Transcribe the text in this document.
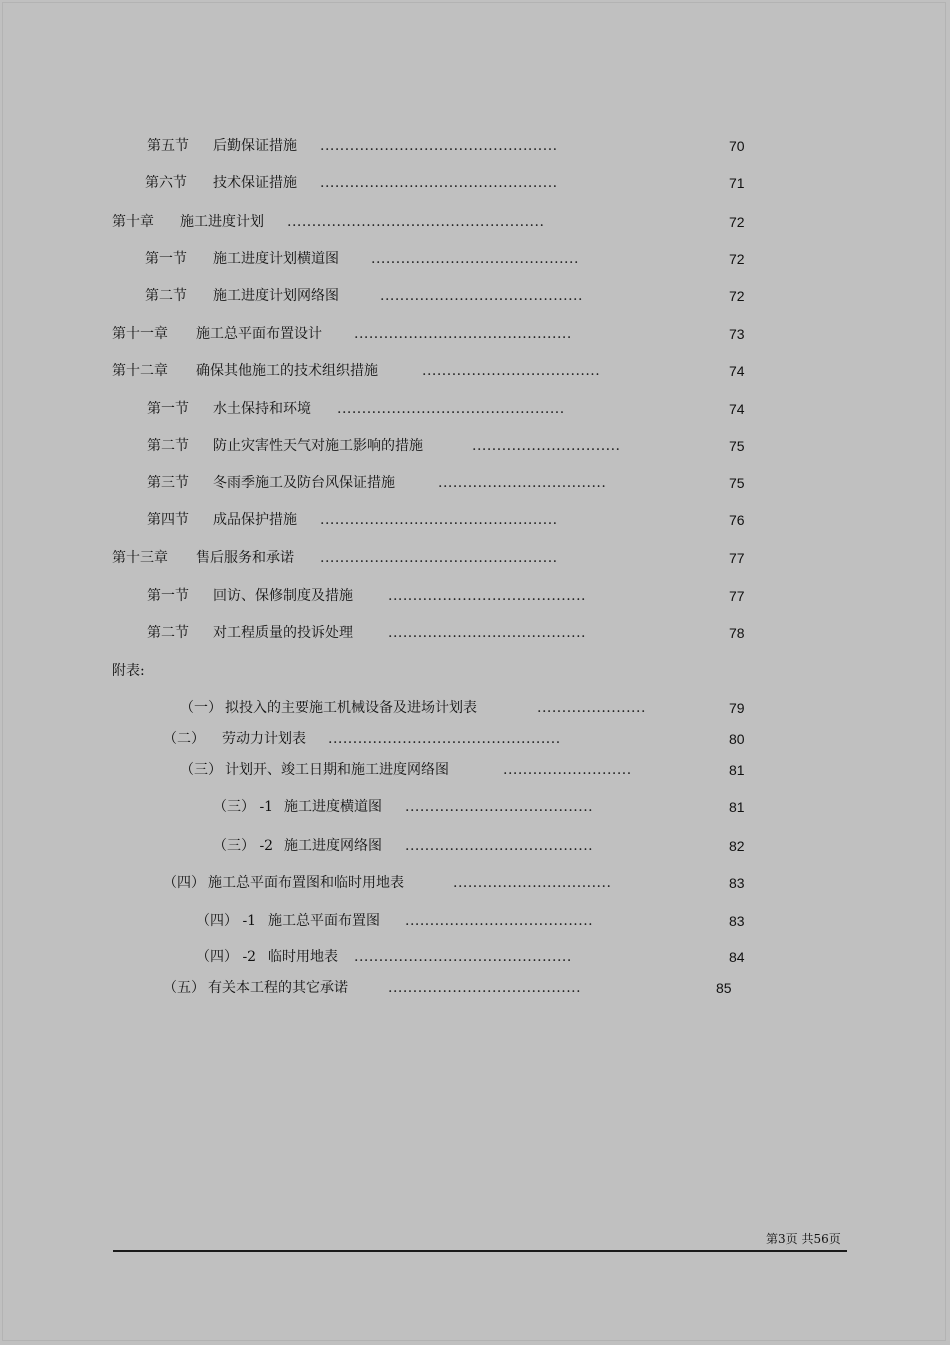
第五节 后勤保证措施 ................................................	70
第六节 技术保证措施 ................................................	71
第十章 施工进度计划 ....................................................	72
第一节 施工进度计划横道图 ..........................................	72
第二节 施工进度计划网络图	.........................................	72
第十一章 施工总平面布置设计 ............................................	73
第十二章 确保其他施工的技术组织措施	....................................	74
第一节 水土保持和环境 ..............................................	74
第二节 防止灾害性天气对施工影响的措施	..............................	75
第三节 冬雨季施工及防台风保证措施	..................................	75
第四节 成品保护措施 ................................................	76
第十三章 售后服务和承诺 ................................................	77
第一节 回访、保修制度及措施	........................................	77
第二节 对工程质量的投诉处理	........................................	78
附表:
（一） 拟投入的主要施工机械设备及进场计划表	......................	79
（二） 劳动力计划表 ...............................................	80
（三） 计划开、竣工日期和施工进度网络图	..........................	81
（三） -1 施工进度横道图 ......................................	81
（三） -2 施工进度网络图 ......................................	82
（四） 施工总平面布置图和临时用地表	................................	83
（四） -1 施工总平面布置图 ......................................	83
（四） -2 临时用地表 ............................................	84
（五） 有关本工程的其它承诺	.......................................	85
第3页 共56页
